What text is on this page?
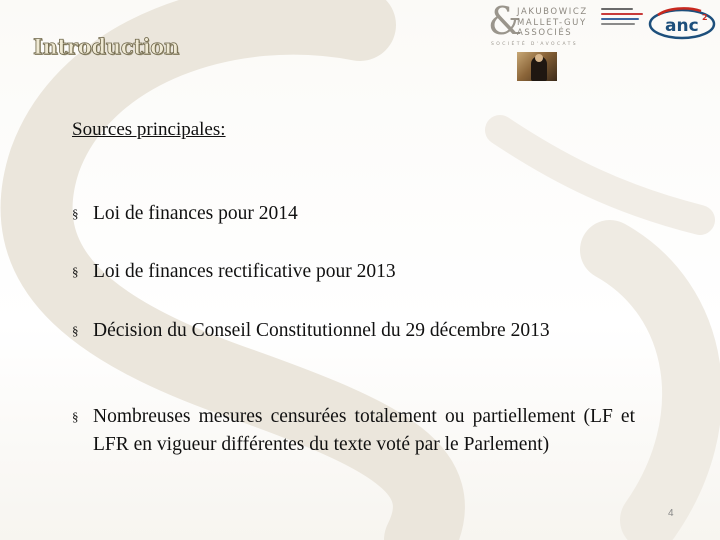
Introduction
&
JAKUBOWICZ
MALLET-GUY
ASSOCIÉS
SOCIÉTÉ D'AVOCATS
anc 2
Sources principales:
§ Loi de finances pour 2014
§ Loi de finances rectificative pour 2013
§ Décision du Conseil Constitutionnel du 29 décembre 2013
§ Nombreuses mesures censurées totalement ou partiellement (LF et LFR en vigueur différentes du texte voté par le Parlement)
4
